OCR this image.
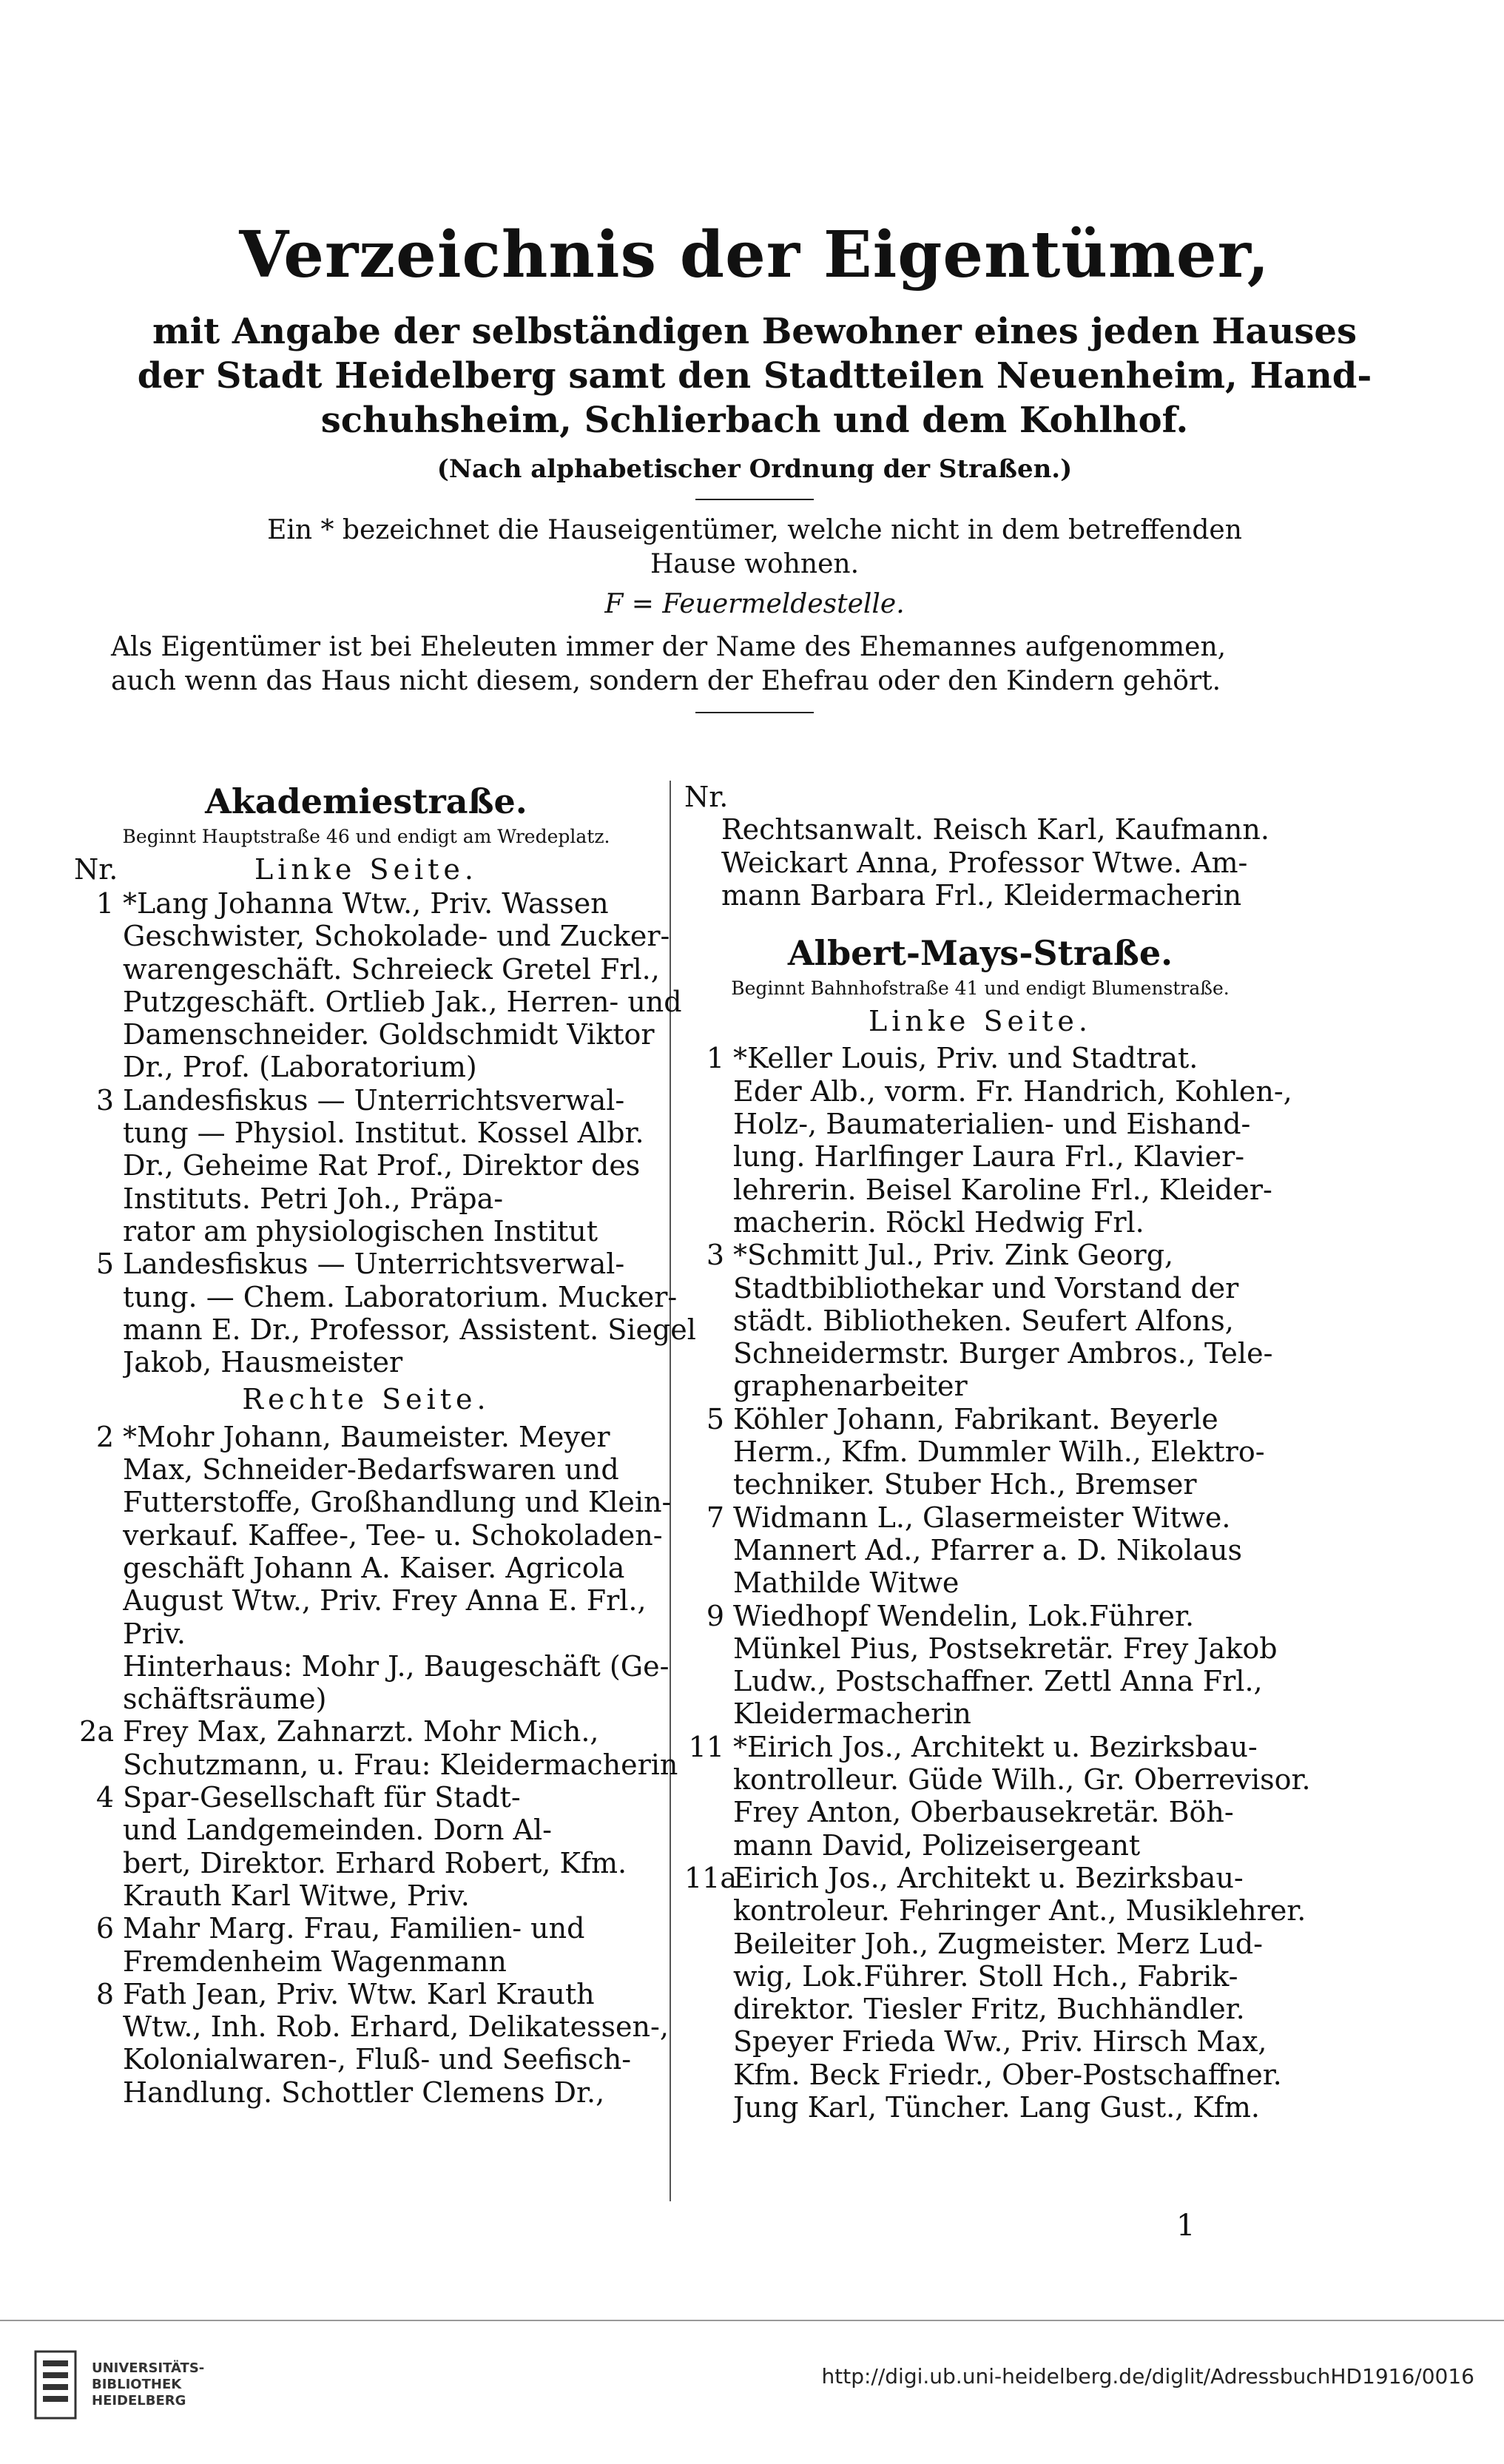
Verzeichnis der Eigentümer,
mit Angabe der selbständigen Bewohner eines jeden Hauses
der Stadt Heidelberg samt den Stadtteilen Neuenheim, Hand-
schuhsheim, Schlierbach und dem Kohlhof.
(Nach alphabetischer Ordnung der Straßen.)

Ein * bezeichnet die Hauseigentümer, welche nicht in dem betreffenden
Hause wohnen.

F = Feuermeldestelle.

Als Eigentümer ist bei Eheleuten immer der Name des Ehemannes aufgenommen,
auch wenn das Haus nicht diesem, sondern der Ehefrau oder den Kindern gehört.

Akademiestraße.
Beginnt Hauptstraße 46 und endigt am Wredeplatz.
Nr.	Linke Seite.
1 *Lang Johanna Wtw., Priv. Wassen
Geschwister, Schokolade- und Zucker-
warengeschäft. Schreieck Gretel Frl.,
Putzgeschäft. Ortlieb Jak., Herren- und
Damenschneider. Goldschmidt Viktor
Dr., Prof. (Laboratorium)
3 Landesfiskus — Unterrichtsverwal-
tung — Physiol. Institut. Kossel Albr.
Dr., Geheime Rat Prof., Direktor des
Instituts. Petri Joh., Präpa-
rator am physiologischen Institut
5 Landesfiskus — Unterrichtsverwal-
tung. — Chem. Laboratorium. Mucker-
mann E. Dr., Professor, Assistent. Siegel
Jakob, Hausmeister
Rechte Seite.
2 *Mohr Johann, Baumeister. Meyer
Max, Schneider-Bedarfswaren und
Futterstoffe, Großhandlung und Klein-
verkauf. Kaffee-, Tee- u. Schokoladen-
geschäft Johann A. Kaiser. Agricola
August Wtw., Priv. Frey Anna E. Frl.,
Priv.
Hinterhaus: Mohr J., Baugeschäft (Ge-
schäftsräume)
2a Frey Max, Zahnarzt. Mohr Mich.,
Schutzmann, u. Frau: Kleidermacherin
4 Spar-Gesellschaft für Stadt-
und Landgemeinden. Dorn Al-
bert, Direktor. Erhard Robert, Kfm.
Krauth Karl Witwe, Priv.
6 Mahr Marg. Frau, Familien- und
Fremdenheim Wagenmann
8 Fath Jean, Priv. Wtw. Karl Krauth
Wtw., Inh. Rob. Erhard, Delikatessen-,
Kolonialwaren-, Fluß- und Seefisch-
Handlung. Schottler Clemens Dr.,
Nr.
Rechtsanwalt. Reisch Karl, Kaufmann.
Weickart Anna, Professor Wtwe. Am-
mann Barbara Frl., Kleidermacherin
Albert-Mays-Straße.
Beginnt Bahnhofstraße 41 und endigt Blumenstraße.
Linke Seite.
1 *Keller Louis, Priv. und Stadtrat.
Eder Alb., vorm. Fr. Handrich, Kohlen-,
Holz-, Baumaterialien- und Eishand-
lung. Harlfinger Laura Frl., Klavier-
lehrerin. Beisel Karoline Frl., Kleider-
macherin. Röckl Hedwig Frl.
3 *Schmitt Jul., Priv. Zink Georg,
Stadtbibliothekar und Vorstand der
städt. Bibliotheken. Seufert Alfons,
Schneidermstr. Burger Ambros., Tele-
graphenarbeiter
5 Köhler Johann, Fabrikant. Beyerle
Herm., Kfm. Dummler Wilh., Elektro-
techniker. Stuber Hch., Bremser
7 Widmann L., Glasermeister Witwe.
Mannert Ad., Pfarrer a. D. Nikolaus
Mathilde Witwe
9 Wiedhopf Wendelin, Lok.Führer.
Münkel Pius, Postsekretär. Frey Jakob
Ludw., Postschaffner. Zettl Anna Frl.,
Kleidermacherin
11 *Eirich Jos., Architekt u. Bezirksbau-
kontrolleur. Güde Wilh., Gr. Oberrevisor.
Frey Anton, Oberbausekretär. Böh-
mann David, Polizeisergeant
11a
Eirich Jos., Architekt u. Bezirksbau-
kontroleur. Fehringer Ant., Musiklehrer.
Beileiter Joh., Zugmeister. Merz Lud-
wig, Lok.Führer. Stoll Hch., Fabrik-
direktor. Tiesler Fritz, Buchhändler.
Speyer Frieda Ww., Priv. Hirsch Max,
Kfm. Beck Friedr., Ober-Postschaffner.
Jung Karl, Tüncher. Lang Gust., Kfm.
1
UNIVERSITÄTS-
BIBLIOTHEK
HEIDELBERG
http://digi.ub.uni-heidelberg.de/diglit/AdressbuchHD1916/0016
